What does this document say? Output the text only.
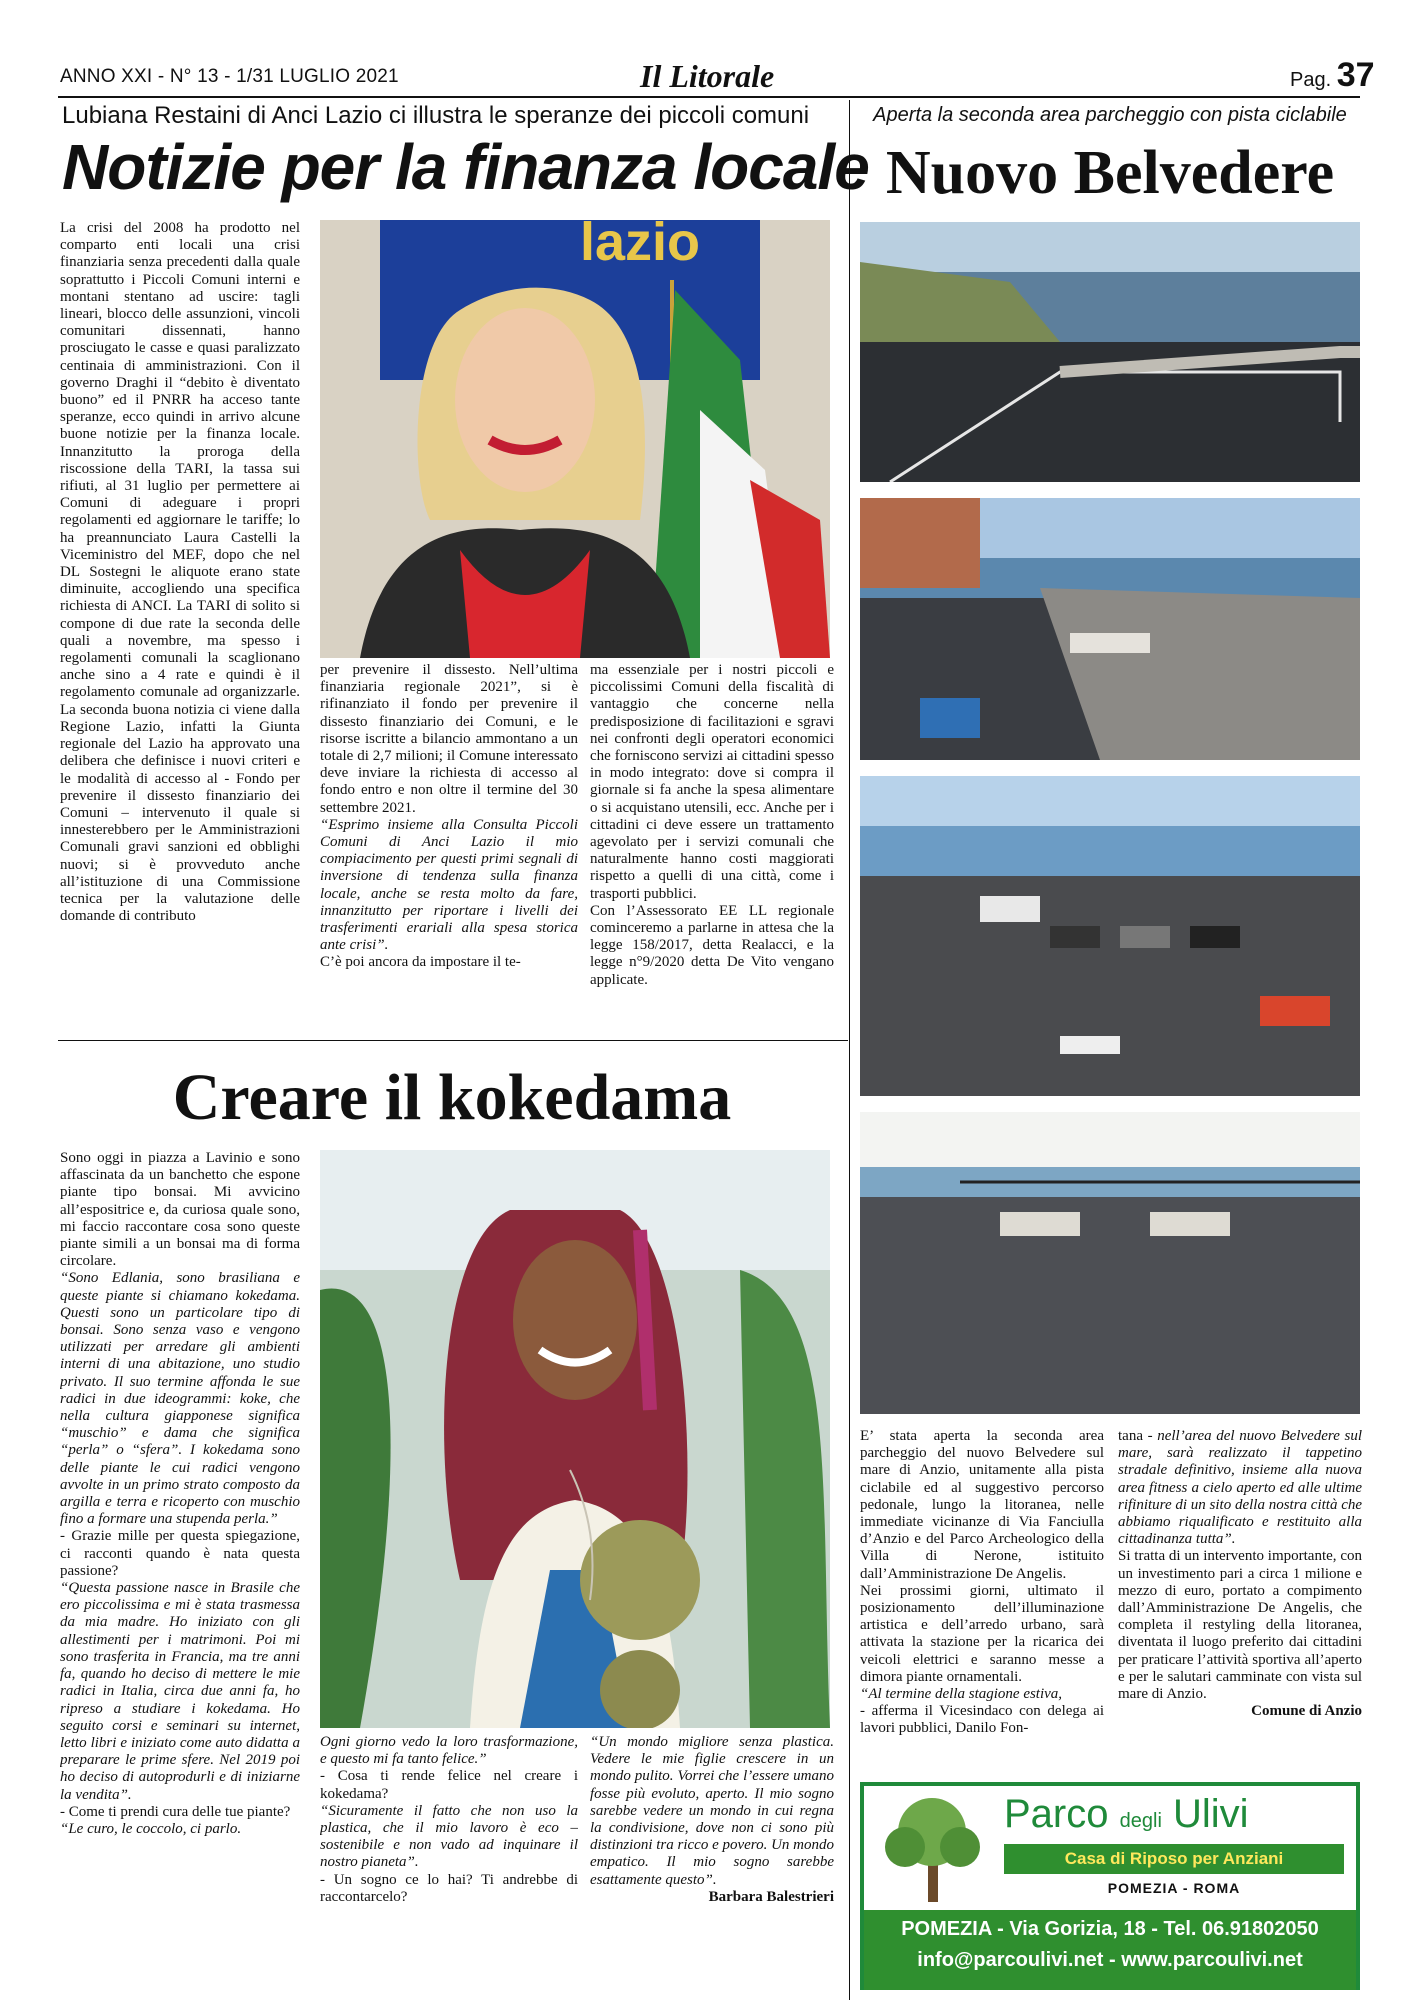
ANNO XXI - N° 13 - 1/31 LUGLIO 2021	Il Litorale	Pag. 37
Lubiana Restaini di Anci Lazio ci illustra le speranze dei piccoli comuni
Notizie per la finanza locale

La crisi del 2008 ha prodotto nel comparto enti locali una crisi finanziaria senza precedenti dalla quale soprattutto i Piccoli Comuni interni e montani stentano ad uscire: tagli lineari, blocco delle assunzioni, vincoli comunitari dissennati, hanno prosciugato le casse e quasi paralizzato centinaia di amministrazioni. Con il governo Draghi il “debito è diventato buono” ed il PNRR ha acceso tante speranze, ecco quindi in arrivo alcune buone notizie per la finanza locale. Innanzitutto la proroga della riscossione della TARI, la tassa sui rifiuti, al 31 luglio per permettere ai Comuni di adeguare i propri regolamenti ed aggiornare le tariffe; lo ha preannunciato Laura Castelli la Viceministro del MEF, dopo che nel DL Sostegni le aliquote erano state diminuite, accogliendo una specifica richiesta di ANCI. La TARI di solito si compone di due rate la seconda delle quali a novembre, ma spesso i regolamenti comunali la scaglionano anche sino a 4 rate e quindi è il regolamento comunale ad organizzarle. La seconda buona notizia ci viene dalla Regione Lazio, infatti la Giunta regionale del Lazio ha approvato una delibera che definisce i nuovi criteri e le modalità di accesso al - Fondo per prevenire il dissesto finanziario dei Comuni – intervenuto il quale si innesterebbero per le Amministrazioni Comunali gravi sanzioni ed obblighi nuovi; si è provveduto anche all’istituzione di una Commissione tecnica per la valutazione delle domande di contributo

lazio

per prevenire il dissesto. Nell’ultima finanziaria regionale 2021”, si è rifinanziato il fondo per prevenire il dissesto finanziario dei Comuni, e le risorse iscritte a bilancio ammontano a un totale di 2,7 milioni; il Comune interessato deve inviare la richiesta di accesso al fondo entro e non oltre il termine del 30 settembre 2021.

“Esprimo insieme alla Consulta Piccoli Comuni di Anci Lazio il mio compiacimento per questi primi segnali di inversione di tendenza sulla finanza locale, anche se resta molto da fare, innanzitutto per riportare i livelli dei trasferimenti erariali alla spesa storica ante crisi”.

C’è poi ancora da impostare il te-

ma essenziale per i nostri piccoli e piccolissimi Comuni della fiscalità di vantaggio che concerne nella predisposizione di facilitazioni e sgravi nei confronti degli operatori economici che forniscono servizi ai cittadini spesso in modo integrato: dove si compra il giornale si fa anche la spesa alimentare o si acquistano utensili, ecc. Anche per i cittadini ci deve essere un trattamento agevolato per i servizi comunali che naturalmente hanno costi maggiorati rispetto a quelli di una città, come i trasporti pubblici.

Con l’Assessorato EE LL regionale cominceremo a parlarne in attesa che la legge 158/2017, detta Realacci, e la legge n°9/2020 detta De Vito vengano applicate.

Aperta la seconda area parcheggio con pista ciclabile
Nuovo Belvedere

E’ stata aperta la seconda area parcheggio del nuovo Belvedere sul mare di Anzio, unitamente alla pista ciclabile ed al suggestivo percorso pedonale, lungo la litoranea, nelle immediate vicinanze di Via Fanciulla d’Anzio e del Parco Archeologico della Villa di Nerone, istituito dall’Amministrazione De Angelis.

Nei prossimi giorni, ultimato il posizionamento dell’illuminazione artistica e dell’arredo urbano, sarà attivata la stazione per la ricarica dei veicoli elettrici e saranno messe a dimora piante ornamentali.

“Al termine della stagione estiva,

- afferma il Vicesindaco con delega ai lavori pubblici, Danilo Fon-

tana - nell’area del nuovo Belvedere sul mare, sarà realizzato il tappetino stradale definitivo, insieme alla nuova area fitness a cielo aperto ed alle ultime rifiniture di un sito della nostra città che abbiamo riqualificato e restituito alla cittadinanza tutta”.

Si tratta di un intervento importante, con un investimento pari a circa 1 milione e mezzo di euro, portato a compimento dall’Amministrazione De Angelis, che completa il restyling della litoranea, diventata il luogo preferito dai cittadini per praticare l’attività sportiva all’aperto e per le salutari camminate con vista sul mare di Anzio.

Comune di Anzio

Creare il kokedama

Sono oggi in piazza a Lavinio e sono affascinata da un banchetto che espone piante tipo bonsai. Mi avvicino all’espositrice e, da curiosa quale sono, mi faccio raccontare cosa sono queste piante simili a un bonsai ma di forma circolare.

“Sono Edlania, sono brasiliana e queste piante si chiamano kokedama. Questi sono un particolare tipo di bonsai. Sono senza vaso e vengono utilizzati per arredare gli ambienti interni di una abitazione, uno studio privato. Il suo termine affonda le sue radici in due ideogrammi: koke, che nella cultura giapponese significa “muschio” e dama che significa “perla” o “sfera”. I kokedama sono delle piante le cui radici vengono avvolte in un primo strato composto da argilla e terra e ricoperto con muschio fino a formare una stupenda perla.”

- Grazie mille per questa spiegazione, ci racconti quando è nata questa passione?

“Questa passione nasce in Brasile che ero piccolissima e mi è stata trasmessa da mia madre. Ho iniziato con gli allestimenti per i matrimoni. Poi mi sono trasferita in Francia, ma tre anni fa, quando ho deciso di mettere le mie radici in Italia, circa due anni fa, ho ripreso a studiare i kokedama. Ho seguito corsi e seminari su internet, letto libri e iniziato come auto didatta a preparare le prime sfere. Nel 2019 poi ho deciso di autoprodurli e di iniziarne la vendita”.

- Come ti prendi cura delle tue piante?

“Le curo, le coccolo, ci parlo.

Ogni giorno vedo la loro trasformazione, e questo mi fa tanto felice.”

- Cosa ti rende felice nel creare i kokedama?

“Sicuramente il fatto che non uso la plastica, che il mio lavoro è eco – sostenibile e non vado ad inquinare il nostro pianeta”.

- Un sogno ce lo hai? Ti andrebbe di raccontarcelo?

“Un mondo migliore senza plastica. Vedere le mie figlie crescere in un mondo pulito. Vorrei che l’essere umano fosse più evoluto, aperto. Il mio sogno sarebbe vedere un mondo in cui regna la condivisione, dove non ci sono più distinzioni tra ricco e povero. Un mondo empatico. Il mio sogno sarebbe esattamente questo”.

Barbara Balestrieri

Parco degli Ulivi
Casa di Riposo per Anziani
POMEZIA - ROMA
POMEZIA - Via Gorizia, 18 - Tel. 06.91802050
info@parcoulivi.net - www.parcoulivi.net
